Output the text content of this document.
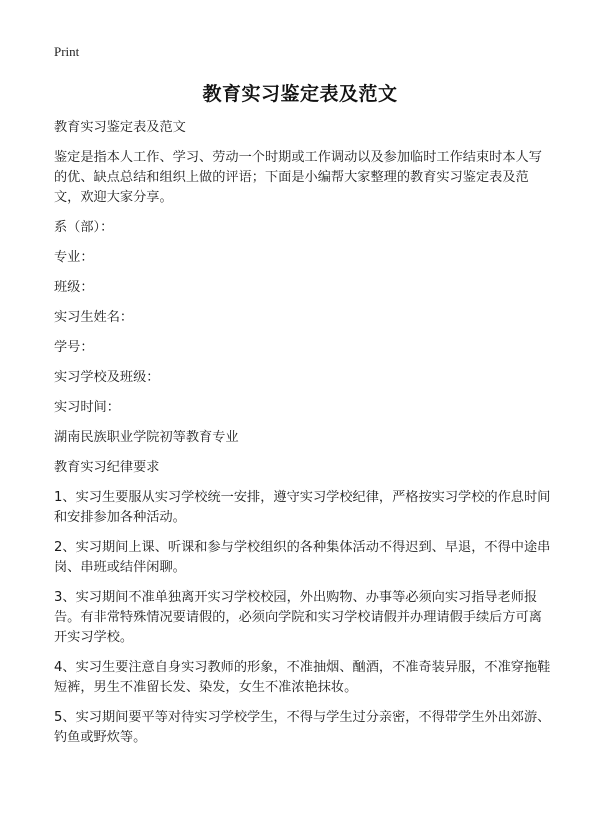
Print
教育实习鉴定表及范文

教育实习鉴定表及范文

鉴定是指本人工作、学习、劳动一个时期或工作调动以及参加临时工作结束时本人写的优、缺点总结和组织上做的评语；下面是小编帮大家整理的教育实习鉴定表及范文，欢迎大家分享。

系（部）：

专业：

班级：

实习生姓名：

学号：

实习学校及班级：

实习时间：

湖南民族职业学院初等教育专业

教育实习纪律要求

1、实习生要服从实习学校统一安排，遵守实习学校纪律，严格按实习学校的作息时间和安排参加各种活动。

2、实习期间上课、听课和参与学校组织的各种集体活动不得迟到、早退，不得中途串岗、串班或结伴闲聊。

3、实习期间不准单独离开实习学校校园，外出购物、办事等必须向实习指导老师报告。有非常特殊情况要请假的，必须向学院和实习学校请假并办理请假手续后方可离开实习学校。

4、实习生要注意自身实习教师的形象，不准抽烟、酗酒，不准奇装异服，不准穿拖鞋短裤，男生不准留长发、染发，女生不准浓艳抹妆。

5、实习期间要平等对待实习学校学生，不得与学生过分亲密，不得带学生外出郊游、钓鱼或野炊等。
